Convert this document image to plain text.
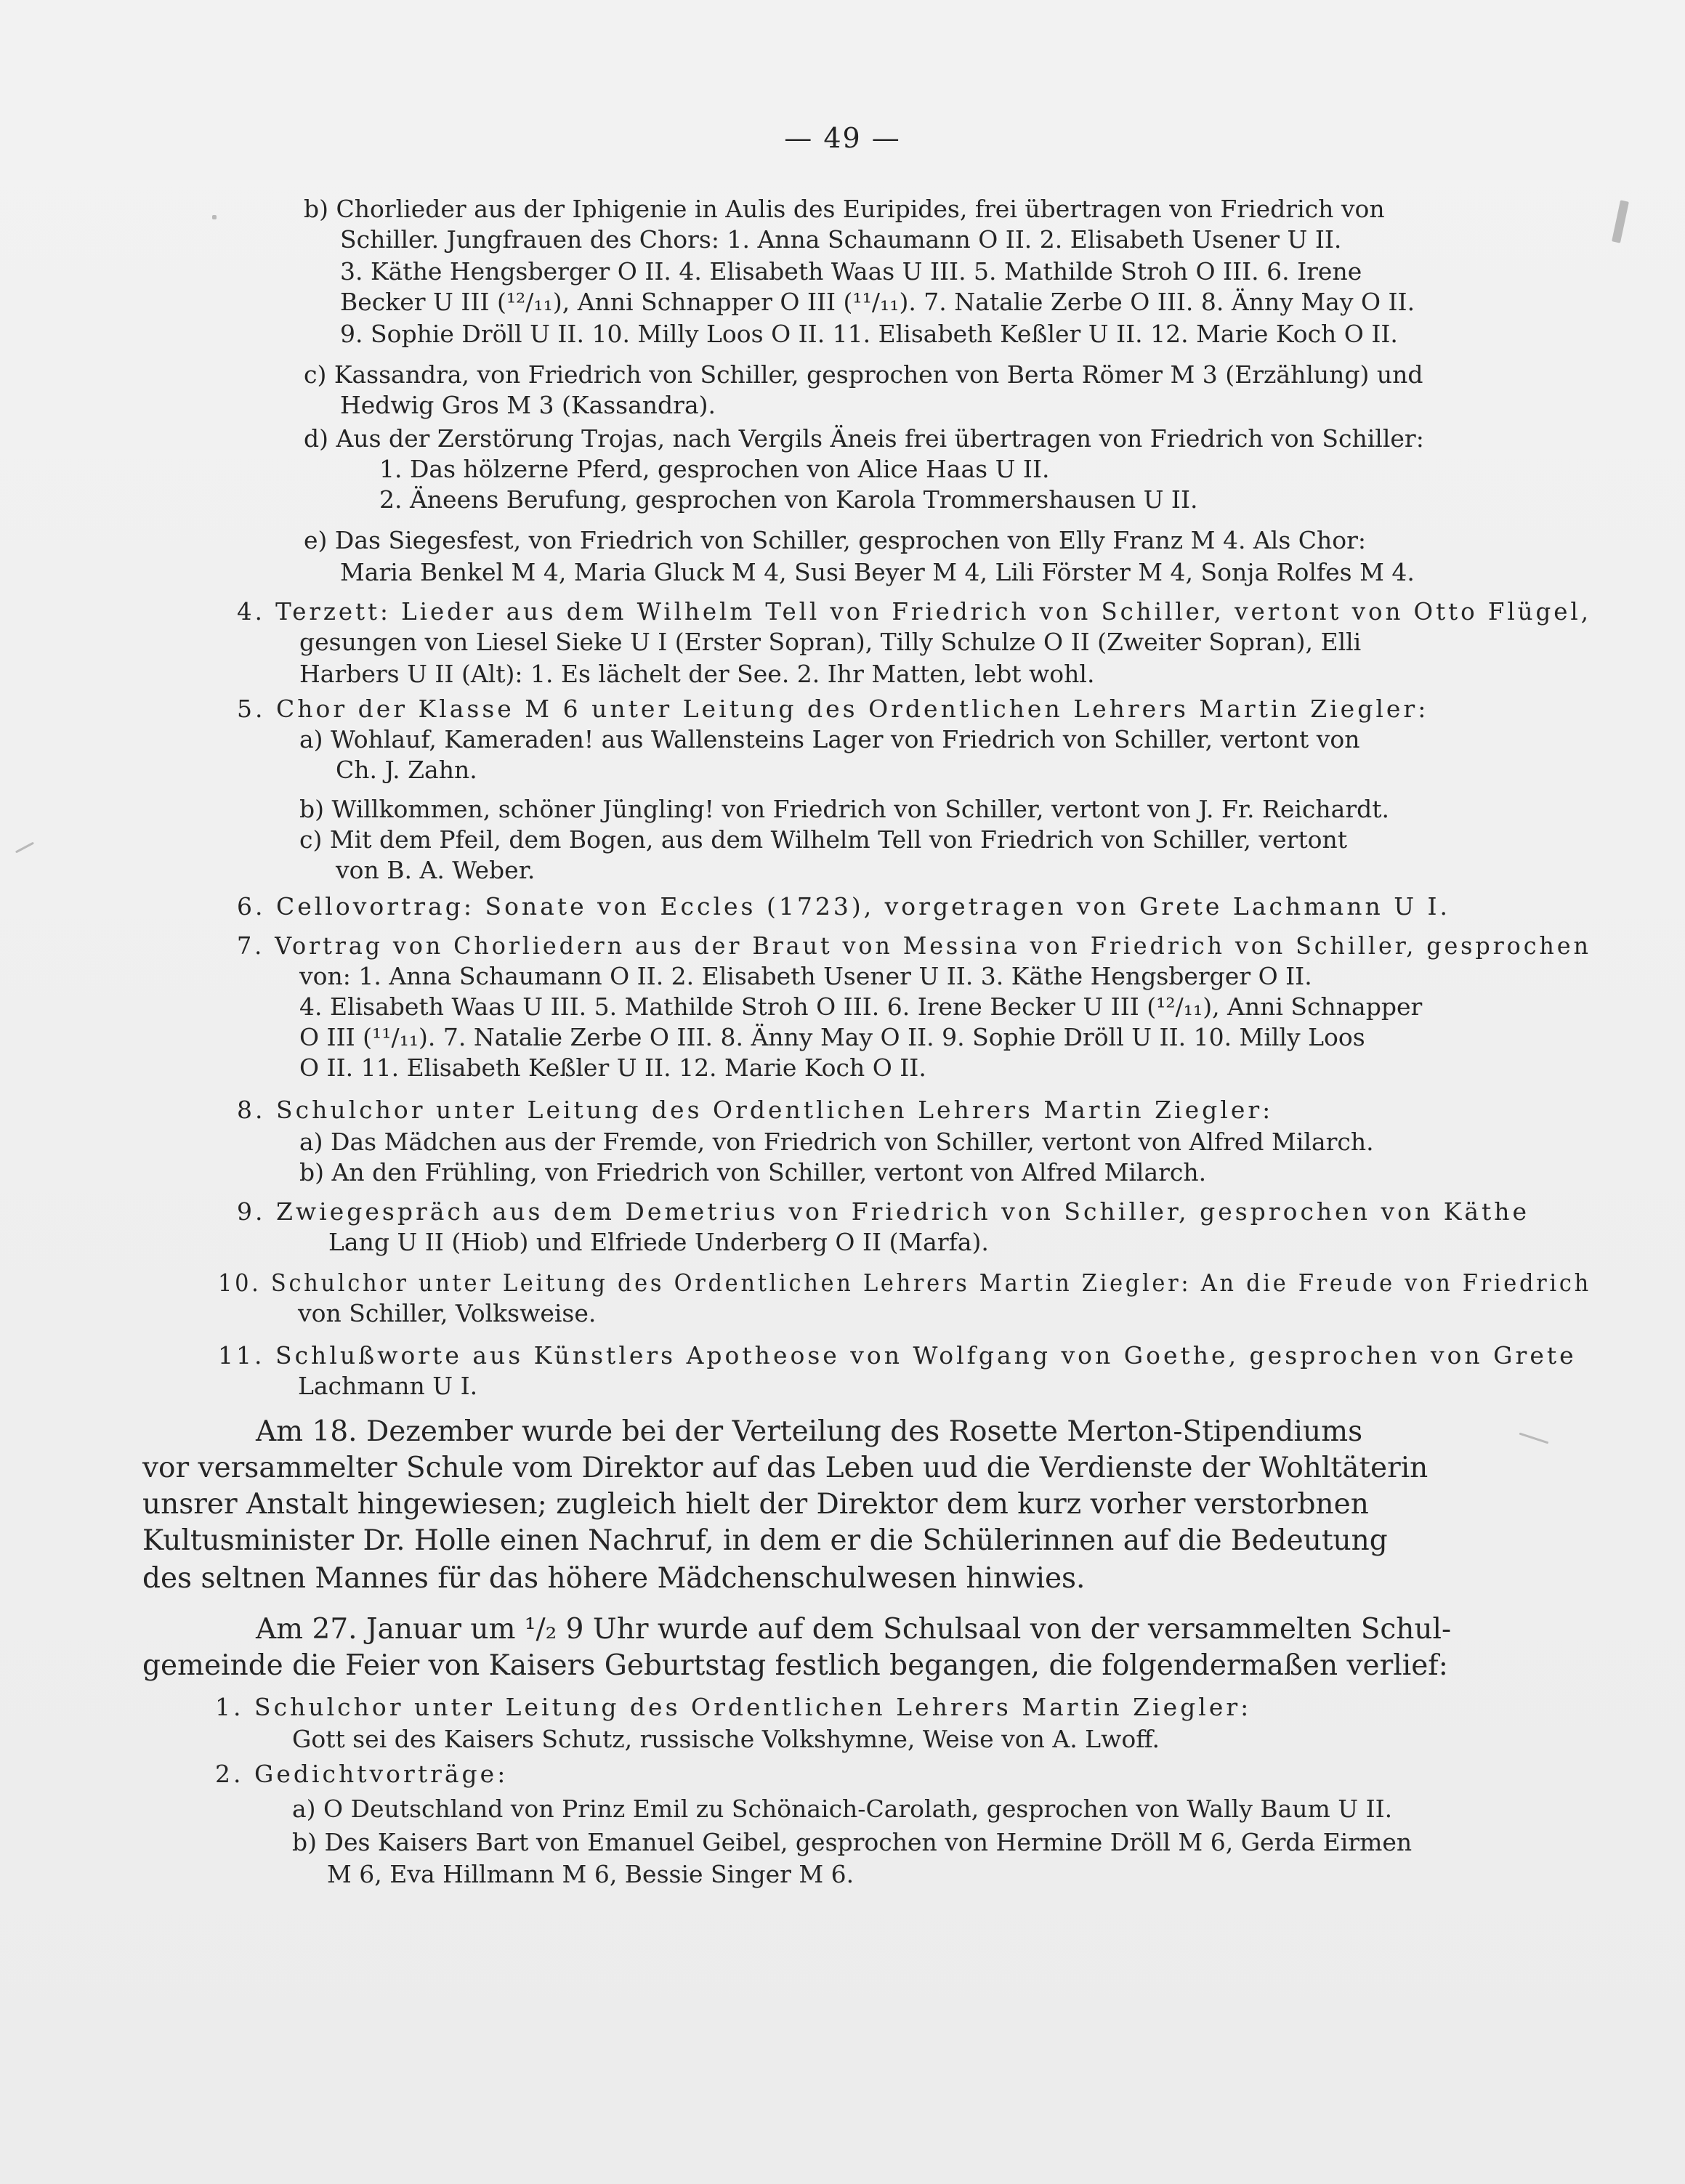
— 49 —
b) Chorlieder aus der Iphigenie in Aulis des Euripides, frei übertragen von Friedrich von
Schiller. Jungfrauen des Chors: 1. Anna Schaumann O II. 2. Elisabeth Usener U II.
3. Käthe Hengsberger O II. 4. Elisabeth Waas U III. 5. Mathilde Stroh O III. 6. Irene
Becker U III (¹²/₁₁), Anni Schnapper O III (¹¹/₁₁). 7. Natalie Zerbe O III. 8. Änny May O II.
9. Sophie Dröll U II. 10. Milly Loos O II. 11. Elisabeth Keßler U II. 12. Marie Koch O II.
c) Kassandra, von Friedrich von Schiller, gesprochen von Berta Römer M 3 (Erzählung) und
Hedwig Gros M 3 (Kassandra).
d) Aus der Zerstörung Trojas, nach Vergils Äneis frei übertragen von Friedrich von Schiller:
1. Das hölzerne Pferd, gesprochen von Alice Haas U II.
2. Äneens Berufung, gesprochen von Karola Trommershausen U II.
e) Das Siegesfest, von Friedrich von Schiller, gesprochen von Elly Franz M 4. Als Chor:
Maria Benkel M 4, Maria Gluck M 4, Susi Beyer M 4, Lili Förster M 4, Sonja Rolfes M 4.
4. Terzett: Lieder aus dem Wilhelm Tell von Friedrich von Schiller, vertont von Otto Flügel,
gesungen von Liesel Sieke U I (Erster Sopran), Tilly Schulze O II (Zweiter Sopran), Elli
Harbers U II (Alt): 1. Es lächelt der See. 2. Ihr Matten, lebt wohl.
5. Chor der Klasse M 6 unter Leitung des Ordentlichen Lehrers Martin Ziegler:
a) Wohlauf, Kameraden! aus Wallensteins Lager von Friedrich von Schiller, vertont von
Ch. J. Zahn.
b) Willkommen, schöner Jüngling! von Friedrich von Schiller, vertont von J. Fr. Reichardt.
c) Mit dem Pfeil, dem Bogen, aus dem Wilhelm Tell von Friedrich von Schiller, vertont
von B. A. Weber.
6. Cellovortrag: Sonate von Eccles (1723), vorgetragen von Grete Lachmann U I.
7. Vortrag von Chorliedern aus der Braut von Messina von Friedrich von Schiller, gesprochen
von: 1. Anna Schaumann O II. 2. Elisabeth Usener U II. 3. Käthe Hengsberger O II.
4. Elisabeth Waas U III. 5. Mathilde Stroh O III. 6. Irene Becker U III (¹²/₁₁), Anni Schnapper
O III (¹¹/₁₁). 7. Natalie Zerbe O III. 8. Änny May O II. 9. Sophie Dröll U II. 10. Milly Loos
O II. 11. Elisabeth Keßler U II. 12. Marie Koch O II.
8. Schulchor unter Leitung des Ordentlichen Lehrers Martin Ziegler:
a) Das Mädchen aus der Fremde, von Friedrich von Schiller, vertont von Alfred Milarch.
b) An den Frühling, von Friedrich von Schiller, vertont von Alfred Milarch.
9. Zwiegespräch aus dem Demetrius von Friedrich von Schiller, gesprochen von Käthe
Lang U II (Hiob) und Elfriede Underberg O II (Marfa).
10. Schulchor unter Leitung des Ordentlichen Lehrers Martin Ziegler: An die Freude von Friedrich
von Schiller, Volksweise.
11. Schlußworte aus Künstlers Apotheose von Wolfgang von Goethe, gesprochen von Grete
Lachmann U I.
Am 18. Dezember wurde bei der Verteilung des Rosette Merton-Stipendiums
vor versammelter Schule vom Direktor auf das Leben uud die Verdienste der Wohltäterin
unsrer Anstalt hingewiesen; zugleich hielt der Direktor dem kurz vorher verstorbnen
Kultusminister Dr. Holle einen Nachruf, in dem er die Schülerinnen auf die Bedeutung
des seltnen Mannes für das höhere Mädchenschulwesen hinwies.
Am 27. Januar um ¹/₂ 9 Uhr wurde auf dem Schulsaal von der versammelten Schul-
gemeinde die Feier von Kaisers Geburtstag festlich begangen, die folgendermaßen verlief:
1. Schulchor unter Leitung des Ordentlichen Lehrers Martin Ziegler:
Gott sei des Kaisers Schutz, russische Volkshymne, Weise von A. Lwoff.
2. Gedichtvorträge:
a) O Deutschland von Prinz Emil zu Schönaich-Carolath, gesprochen von Wally Baum U II.
b) Des Kaisers Bart von Emanuel Geibel, gesprochen von Hermine Dröll M 6, Gerda Eirmen
M 6, Eva Hillmann M 6, Bessie Singer M 6.
